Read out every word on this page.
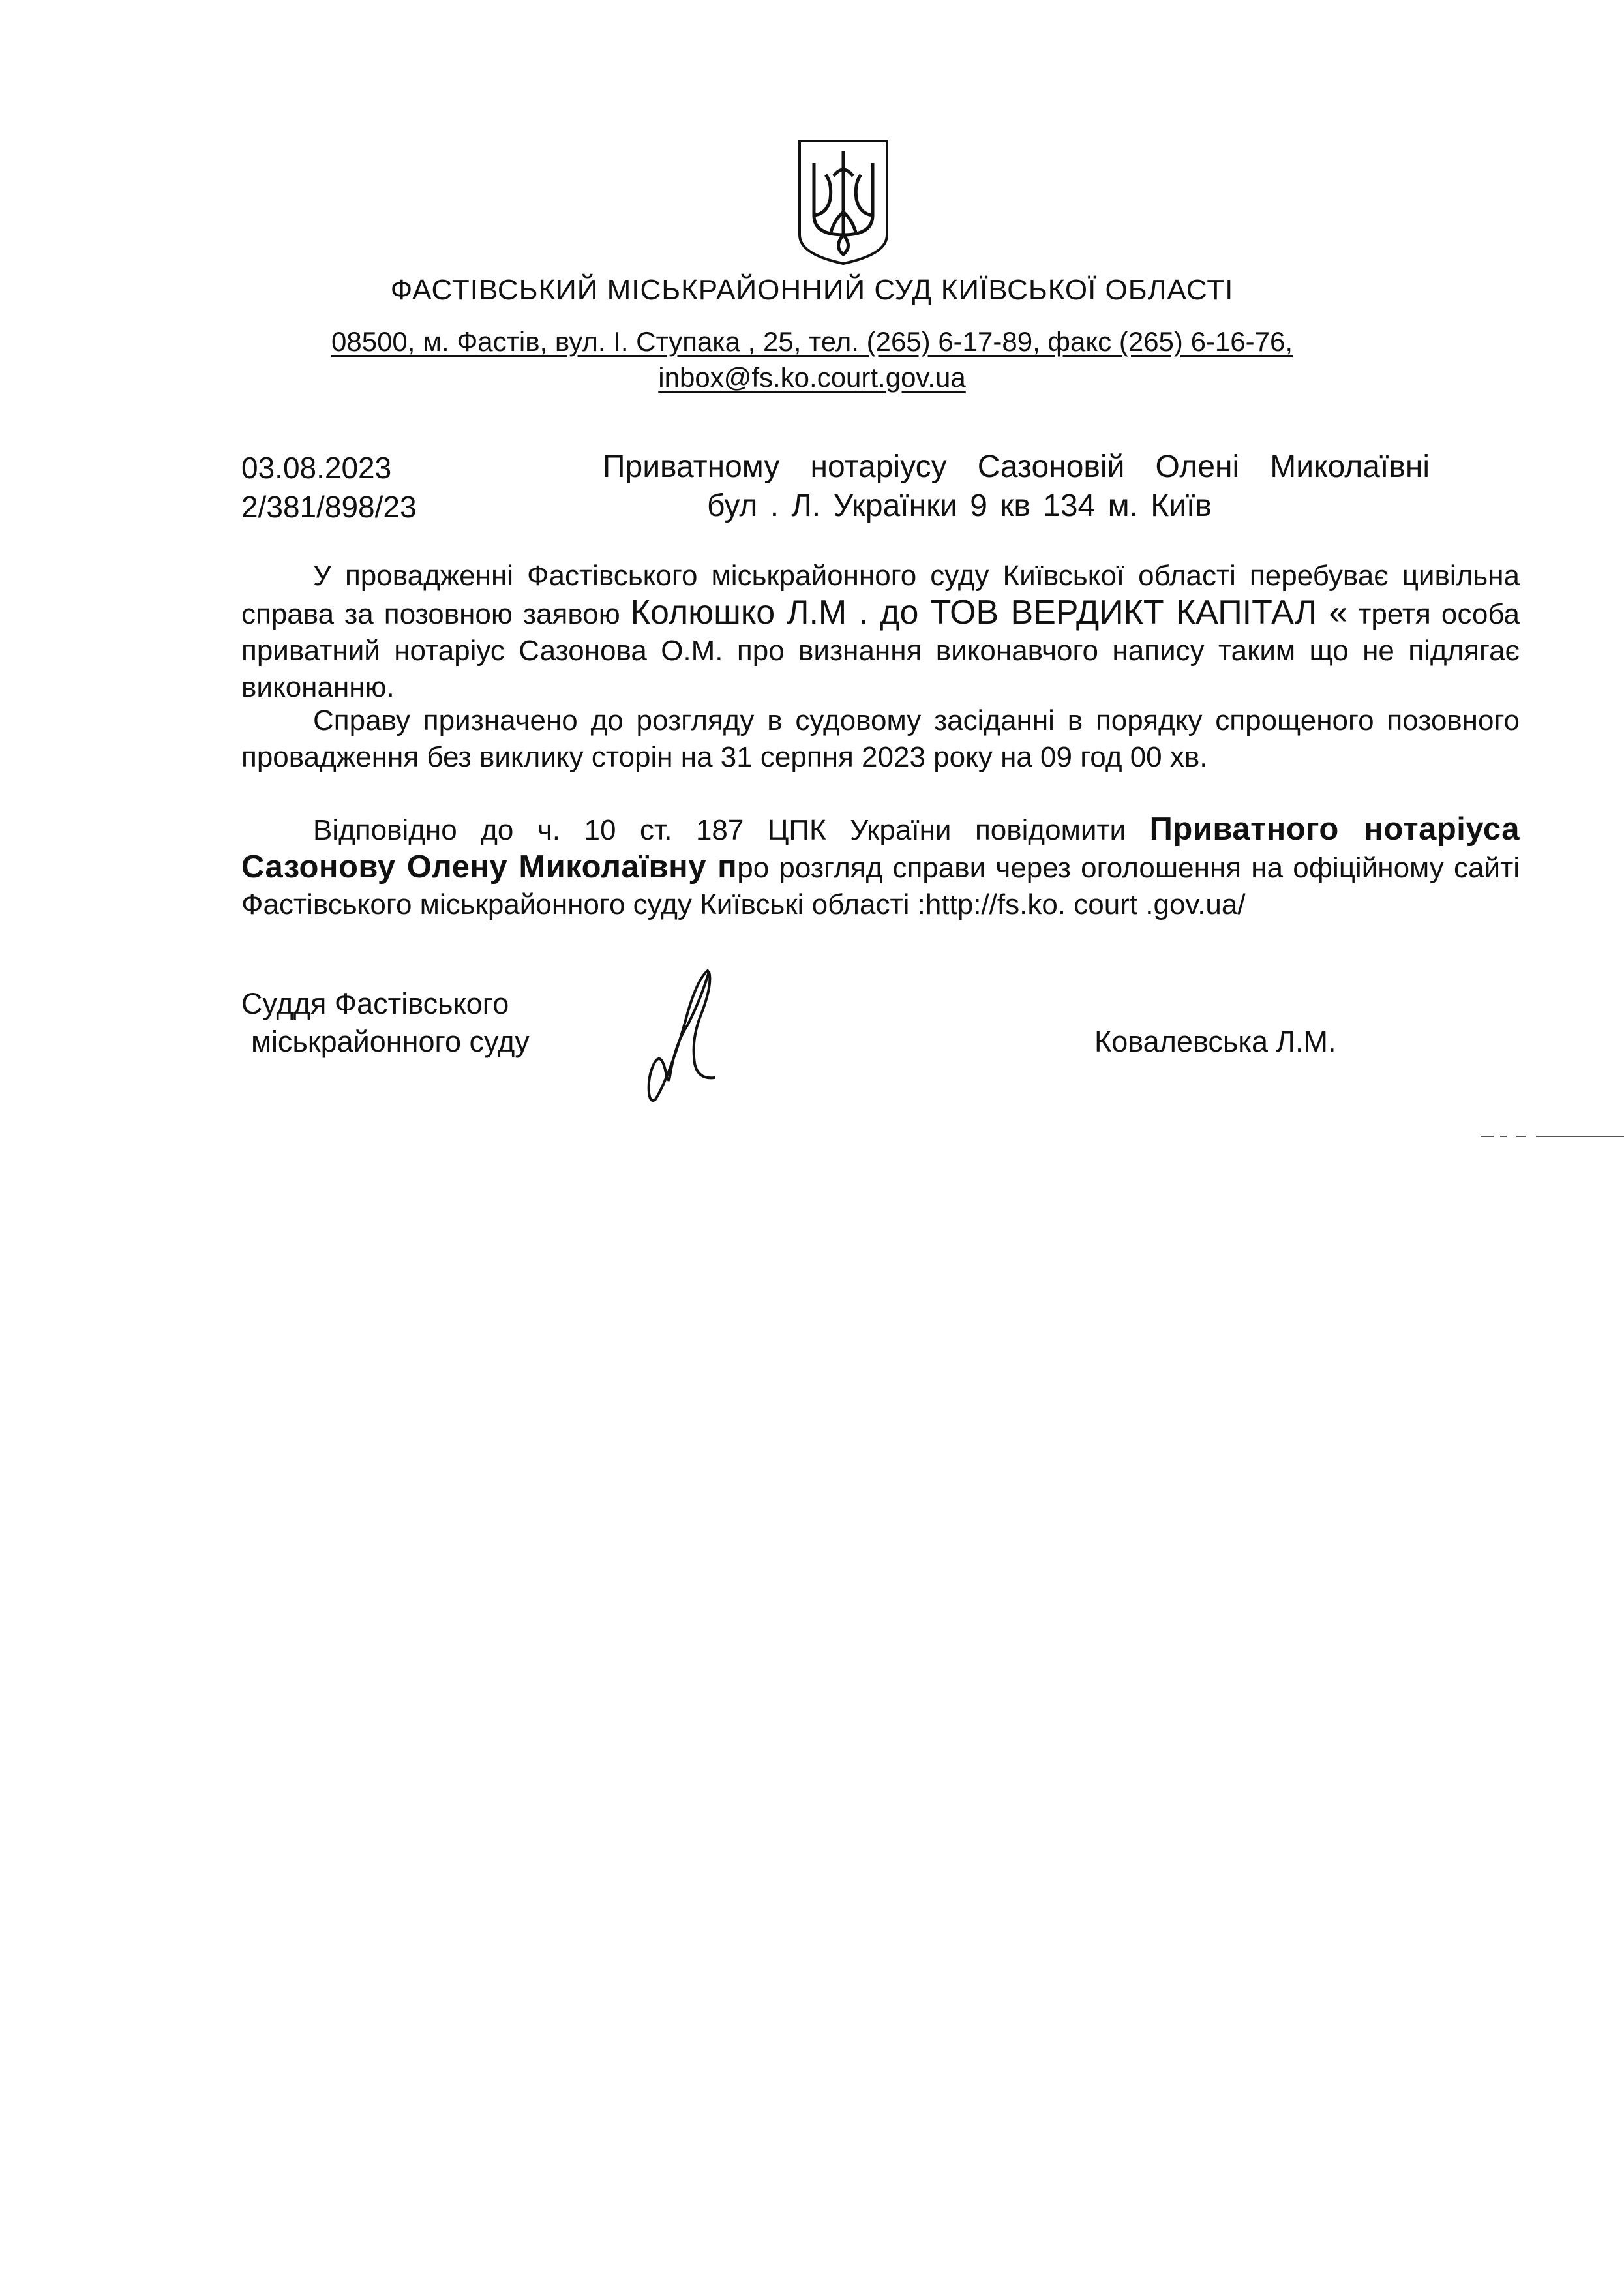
ФАСТІВСЬКИЙ МІСЬКРАЙОННИЙ СУД КИЇВСЬКОЇ ОБЛАСТІ
08500, м. Фастів, вул. І. Ступака , 25, тел. (265) 6-17-89, факс (265) 6-16-76,
inbox@fs.ko.court.gov.ua
03.08.2023
2/381/898/23
Приватному нотаріусу Сазоновій Олені Миколаївні
бул . Л. Українки 9 кв 134 м. Київ

У провадженні Фастівського міськрайонного суду Київської області перебуває цивільна справа за позовною заявою Колюшко Л.М . до ТОВ ВЕРДИКТ КАПІТАЛ « третя особа приватний нотаріус Сазонова О.М. про визнання виконавчого напису таким що не підлягає виконанню.

Справу призначено до розгляду в судовому засіданні в порядку спрощеного позовного провадження без виклику сторін на 31 серпня 2023 року на 09 год 00 хв.

Відповідно до ч. 10 ст. 187 ЦПК України повідомити Приватного нотаріуса Сазонову Олену Миколаївну про розгляд справи через оголошення на офіційному сайті Фастівського міськрайонного суду Київські області :http://fs.ko. court .gov.ua/

Суддя Фастівського
міськрайонного суду	Ковалевська Л.М.
